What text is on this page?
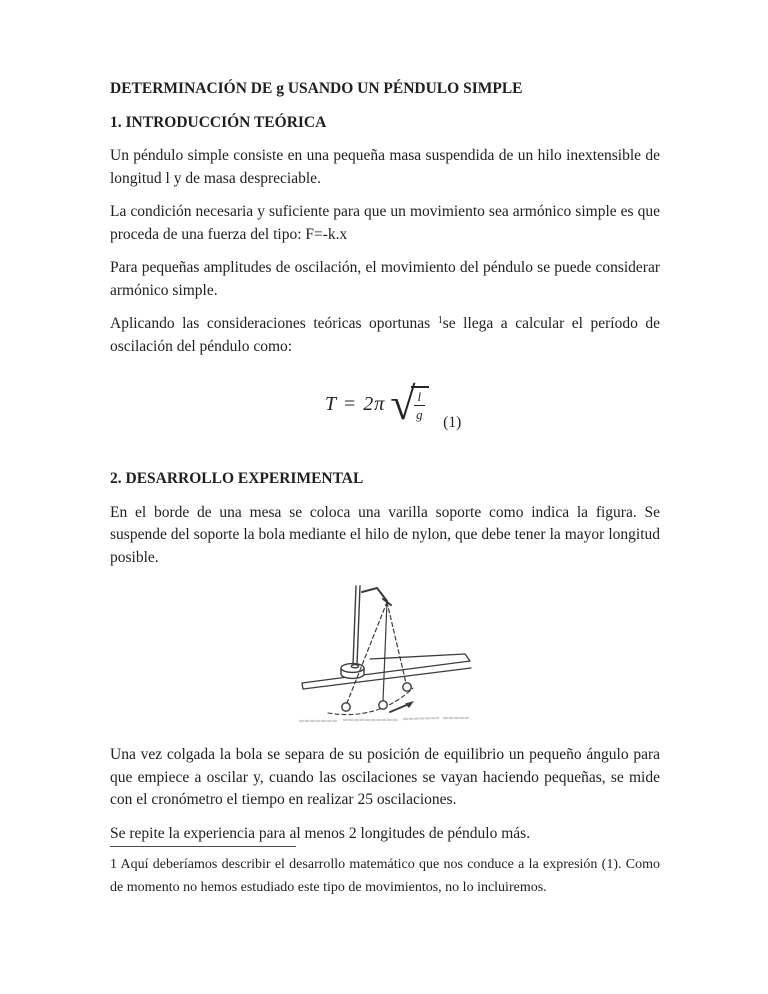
DETERMINACIÓN DE g USANDO UN PÉNDULO SIMPLE
1. INTRODUCCIÓN TEÓRICA

Un péndulo simple consiste en una pequeña masa suspendida de un hilo inextensible de longitud l y de masa despreciable.

La condición necesaria y suficiente para que un movimiento sea armónico simple es que proceda de una fuerza del tipo: F=-k.x

Para pequeñas amplitudes de oscilación, el movimiento del péndulo se puede considerar armónico simple.

Aplicando las consideraciones teóricas oportunas $^1$se llega a calcular el período de oscilación del péndulo como:

T = 2π √
$\frac{l}{g}$
(1)
2. DESARROLLO EXPERIMENTAL

En el borde de una mesa se coloca una varilla soporte como indica la figura. Se suspende del soporte la bola mediante el hilo de nylon, que debe tener la mayor longitud posible.

Una vez colgada la bola se separa de su posición de equilibrio un pequeño ángulo para que empiece a oscilar y, cuando las oscilaciones se vayan haciendo pequeñas, se mide con el cronómetro el tiempo en realizar 25 oscilaciones.

Se repite la experiencia para al menos 2 longitudes de péndulo más.

1 Aquí deberíamos describir el desarrollo matemático que nos conduce a la expresión (1). Como de momento no hemos estudiado este tipo de movimientos, no lo incluiremos.
